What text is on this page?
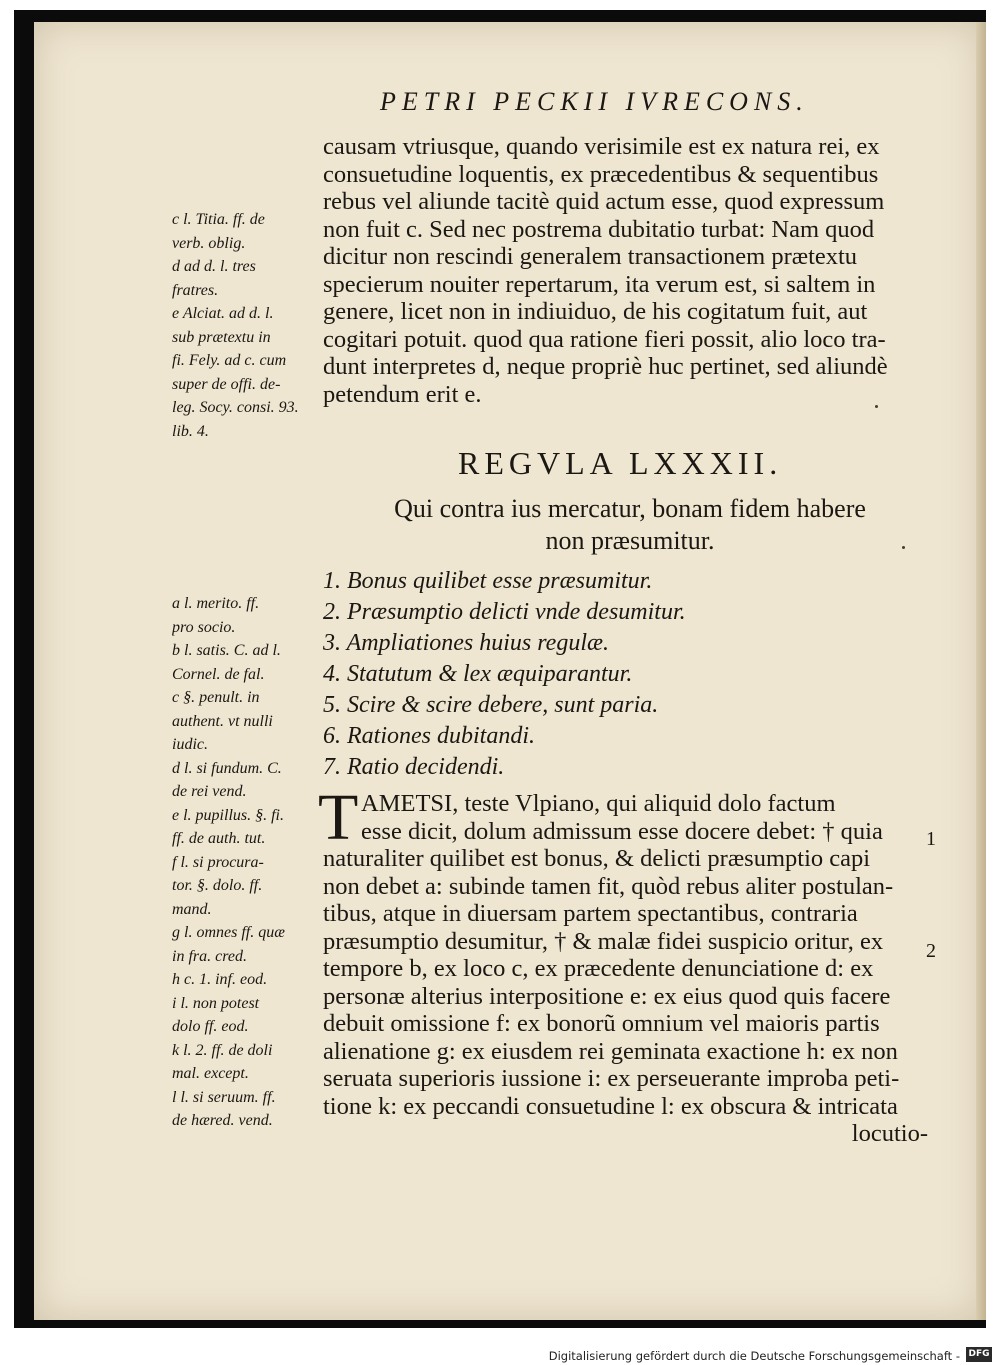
PETRI PECKII IVRECONS.
c l. Titia. ff. de
verb. oblig.
d ad d. l. tres
fratres.
e Alciat. ad d. l.
sub prætextu in
fi. Fely. ad c. cum
super de offi. de-
leg. Socy. consi. 93.
lib. 4.
causam vtriusque, quando verisimile est ex natura rei, ex
consuetudine loquentis, ex præcedentibus & sequentibus
rebus vel aliunde tacitè quid actum esse, quod expressum
non fuit c. Sed nec postrema dubitatio turbat: Nam quod
dicitur non rescindi generalem transactionem prætextu
specierum nouiter repertarum, ita verum est, si saltem in
genere, licet non in indiuiduo, de his cogitatum fuit, aut
cogitari potuit. quod qua ratione fieri possit, alio loco tra-
dunt interpretes d, neque propriè huc pertinet, sed aliundè
petendum erit e.
REGVLA LXXXII.
Qui contra ius mercatur, bonam fidem habere
non præsumitur.
1. Bonus quilibet esse præsumitur.
2. Præsumptio delicti vnde desumitur.
3. Ampliationes huius regulæ.
4. Statutum & lex æquiparantur.
5. Scire & scire debere, sunt paria.
6. Rationes dubitandi.
7. Ratio decidendi.
a l. merito. ff.
pro socio.
b l. satis. C. ad l.
Cornel. de fal.
c §. penult. in
authent. vt nulli
iudic.
d l. si fundum. C.
de rei vend.
e l. pupillus. §. fi.
ff. de auth. tut.
f l. si procura-
tor. §. dolo. ff.
mand.
g l. omnes ff. quæ
in fra. cred.
h c. 1. inf. eod.
i l. non potest
dolo ff. eod.
k l. 2. ff. de doli
mal. except.
l l. si seruum. ff.
de hæred. vend.
T AMETSI, teste Vlpiano, qui aliquid dolo factum
esse dicit, dolum admissum esse docere debet: † quia
naturaliter quilibet est bonus, & delicti præsumptio capi
non debet a: subinde tamen fit, quòd rebus aliter postulan-
tibus, atque in diuersam partem spectantibus, contraria
præsumptio desumitur, † & malæ fidei suspicio oritur, ex
tempore b, ex loco c, ex præcedente denunciatione d: ex
personæ alterius interpositione e: ex eius quod quis facere
debuit omissione f: ex bonorũ omnium vel maioris partis
alienatione g: ex eiusdem rei geminata exactione h: ex non
seruata superioris iussione i: ex perseuerante improba peti-
tione k: ex peccandi consuetudine l: ex obscura & intricata
locutio-
1
2
Digitalisierung gefördert durch die Deutsche Forschungsgemeinschaft - DFG
